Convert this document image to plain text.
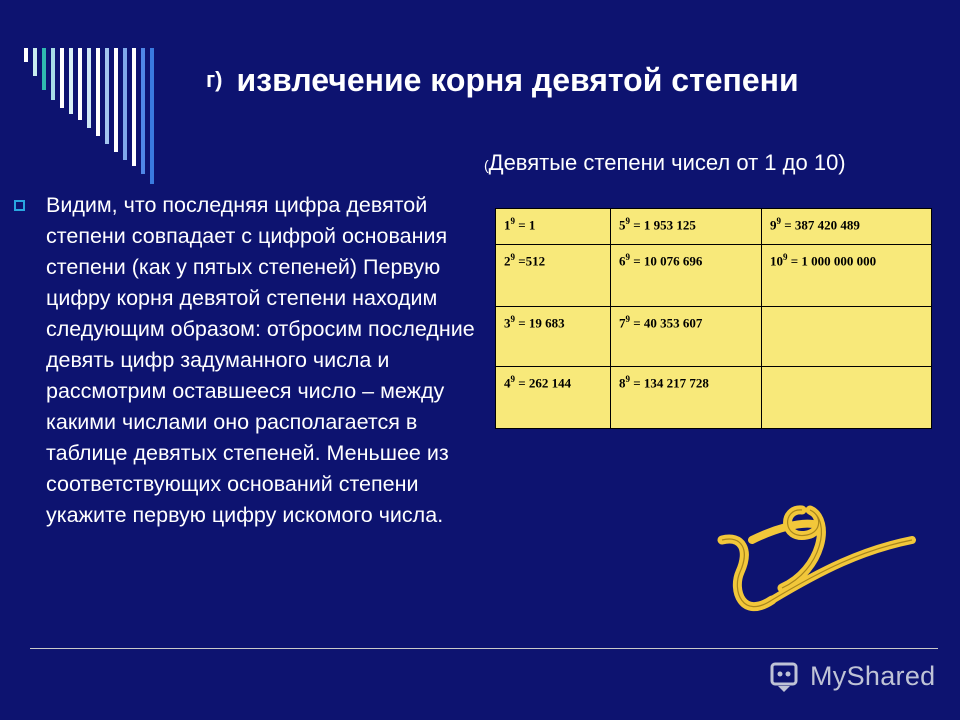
г) извлечение корня девятой степени
(Девятые степени чисел от 1 до 10)
Видим, что последняя цифра девятой степени совпадает с цифрой основания степени (как у пятых степеней) Первую цифру корня девятой степени находим следующим образом: отбросим последние девять цифр задуманного числа и рассмотрим оставшееся число – между какими числами оно располагается в таблице девятых степеней. Меньшее из соответствующих оснований степени укажите первую цифру искомого числа.
$1^9 = 1$	$5^9 = 1$ 953 125	$9^9 = 387$ 420 489
$2^9 =512$	$6^9 = 10$ 076 696	$10^9 = 1$ 000 000 000
$3^9 = 19$ 683	$7^9 = 40$ 353 607	
$4^9 = 262$ 144	$8^9 = 134$ 217 728	
MyShared
